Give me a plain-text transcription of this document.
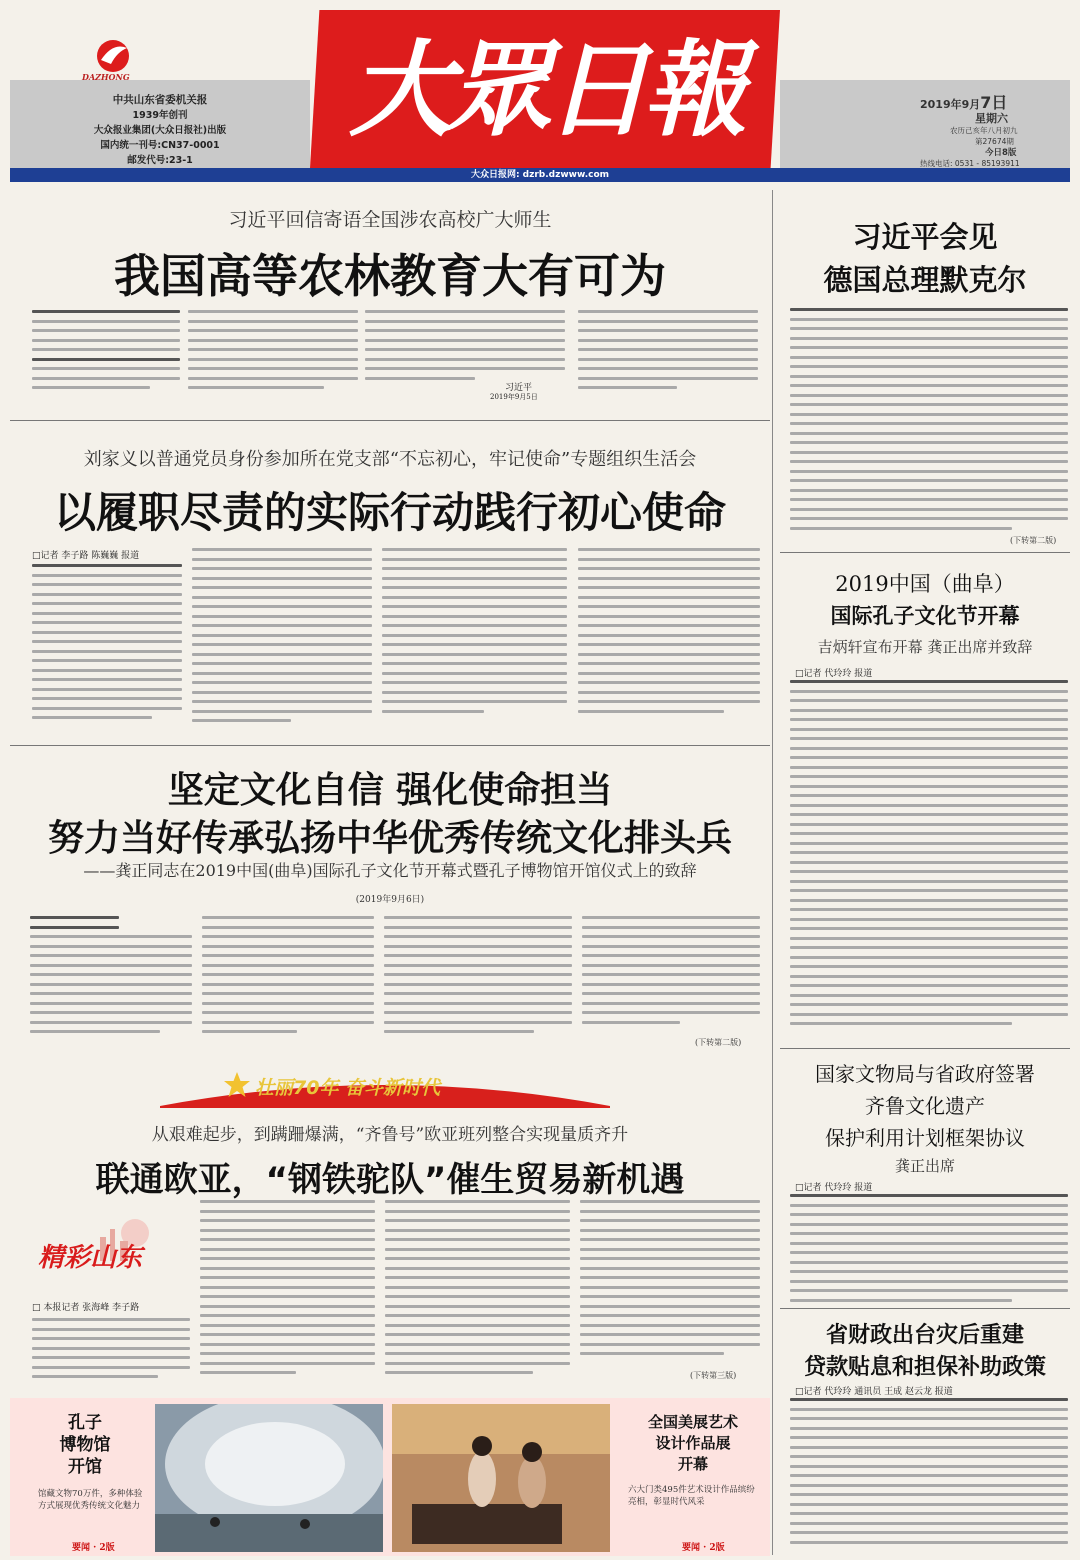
中共山东省委机关报
1939年创刊
大众报业集团(大众日报社)出版
国内统一刊号:CN37-0001
邮发代号:23-1
DAZHONG 大眾日報	2019年9月7日
星期六
农历己亥年八月初九
第27674期
今日8版
热线电话: 0531 - 85193911
大众日报网: dzrb.dzwww.com
习近平回信寄语全国涉农高校广大师生
我国高等农林教育大有可为
习近平
2019年9月5日
刘家义以普通党员身份参加所在党支部“不忘初心，牢记使命”专题组织生活会
以履职尽责的实际行动践行初心使命
□记者 李子路 陈巍巍 报道
坚定文化自信 强化使命担当
努力当好传承弘扬中华优秀传统文化排头兵
——龚正同志在2019中国(曲阜)国际孔子文化节开幕式暨孔子博物馆开馆仪式上的致辞
(2019年9月6日)
(下转第二版)
壮丽70年 奋斗新时代
从艰难起步，到蹒跚爆满，“齐鲁号”欧亚班列整合实现量质齐升
联通欧亚，“钢铁驼队”催生贸易新机遇
精彩山东
□ 本报记者 张海峰 李子路
(下转第三版)
孔子
博物馆
开馆
馆藏文物70万件，多种体验方式展现优秀传统文化魅力
要闻 · 2版
全国美展艺术
设计作品展
开幕
六大门类495件艺术设计作品缤纷亮相，彰显时代风采
要闻 · 2版
习近平会见
德国总理默克尔
(下转第二版)
2019中国（曲阜）
国际孔子文化节开幕
吉炳轩宣布开幕 龚正出席并致辞
□记者 代玲玲 报道
国家文物局与省政府签署
齐鲁文化遗产
保护利用计划框架协议
龚正出席
□记者 代玲玲 报道
省财政出台灾后重建
贷款贴息和担保补助政策
□记者 代玲玲 通讯员 王成 赵云龙 报道
